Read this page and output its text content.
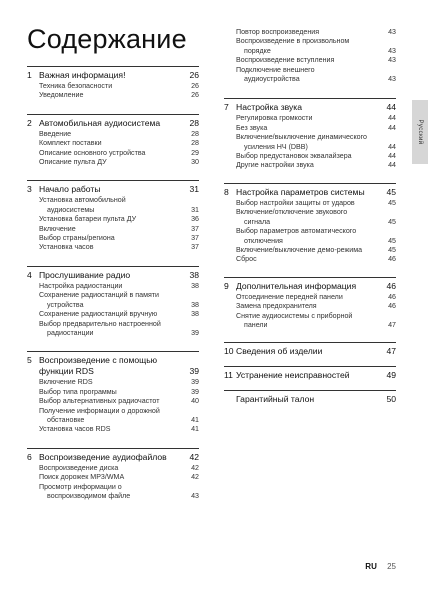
Содержание
1 Важная информация!	26
Техника безопасности	26
Уведомление	26
2 Автомобильная аудиосистема	28
Введение	28
Комплект поставки	28
Описание основного устройства	29
Описание пульта ДУ	30
3 Начало работы	31
Установка автомобильной
аудиосистемы	31
Установка батареи пульта ДУ	36
Включение	37
Выбор страны/региона	37
Установка часов	37
4 Прослушивание радио	38
Настройка радиостанции	38
Сохранение радиостанций в памяти
устройства	38
Сохранение радиостанций вручную	38
Выбор предварительно настроенной
радиостанции	39
5 Воспроизведение с помощью
функции RDS	39
Включение RDS	39
Выбор типа программы	39
Выбор альтернативных радиочастот	40
Получение информации о дорожной
обстановке	41
Установка часов RDS	41
6 Воспроизведение аудиофайлов	42
Воспроизведение диска	42
Поиск дорожек MP3/WMA	42
Просмотр информации о
воспроизводимом файле	43
Повтор воспроизведения	43
Воспроизведение в произвольном
порядке	43
Воспроизведение вступления	43
Подключение внешнего
аудиоустройства	43
7 Настройка звука	44
Регулировка громкости	44
Без звука	44
Включение/выключение динамического
усиления НЧ (DBB)	44
Выбор предустановок эквалайзера	44
Другие настройки звука	44
8 Настройка параметров системы	45
Выбор настройки защиты от ударов	45
Включение/отключение звукового
сигнала	45
Выбор параметров автоматического
отключения	45
Включение/выключение демо-режима	45
Сброс	46
9 Дополнительная информация	46
Отсоединение передней панели	46
Замена предохранителя	46
Снятие аудиосистемы с приборной
панели	47
10 Сведения об изделии	47
11 Устранение неисправностей	49
Гарантийный талон	50
Русский
RU 25
